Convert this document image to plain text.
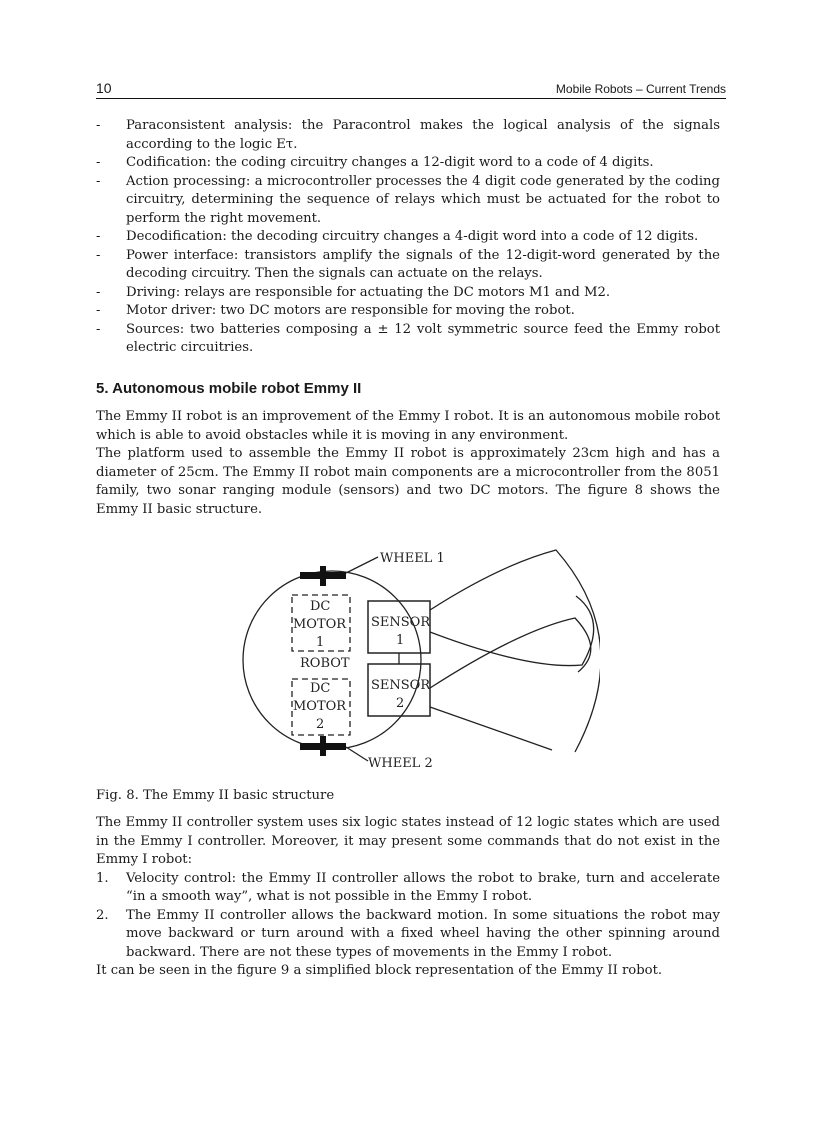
10	Mobile Robots – Current Trends
- Paraconsistent analysis: the Paracontrol makes the logical analysis of the signals according to the logic Eτ.
- Codification: the coding circuitry changes a 12-digit word to a code of 4 digits.
- Action processing: a microcontroller processes the 4 digit code generated by the coding circuitry, determining the sequence of relays which must be actuated for the robot to perform the right movement.
- Decodification: the decoding circuitry changes a 4-digit word into a code of 12 digits.
- Power interface: transistors amplify the signals of the 12-digit-word generated by the decoding circuitry. Then the signals can actuate on the relays.
- Driving: relays are responsible for actuating the DC motors M1 and M2.
- Motor driver: two DC motors are responsible for moving the robot.
- Sources: two batteries composing a ± 12 volt symmetric source feed the Emmy robot electric circuitries.
5. Autonomous mobile robot Emmy II
The Emmy II robot is an improvement of the Emmy I robot. It is an autonomous mobile robot which is able to avoid obstacles while it is moving in any environment.
The platform used to assemble the Emmy II robot is approximately 23cm high and has a diameter of 25cm. The Emmy II robot main components are a microcontroller from the 8051 family, two sonar ranging module (sensors) and two DC motors. The figure 8 shows the Emmy II basic structure.
WHEEL 1
WHEEL 2
DC
MOTOR
1
ROBOT
DC
MOTOR
2
SENSOR
1
SENSOR
2

Fig. 8. The Emmy II basic structure

The Emmy II controller system uses six logic states instead of 12 logic states which are used in the Emmy I controller. Moreover, it may present some commands that do not exist in the Emmy I robot:
1. Velocity control: the Emmy II controller allows the robot to brake, turn and accelerate “in a smooth way”, what is not possible in the Emmy I robot.
2. The Emmy II controller allows the backward motion. In some situations the robot may move backward or turn around with a fixed wheel having the other spinning around backward. There are not these types of movements in the Emmy I robot.
It can be seen in the figure 9 a simplified block representation of the Emmy II robot.
